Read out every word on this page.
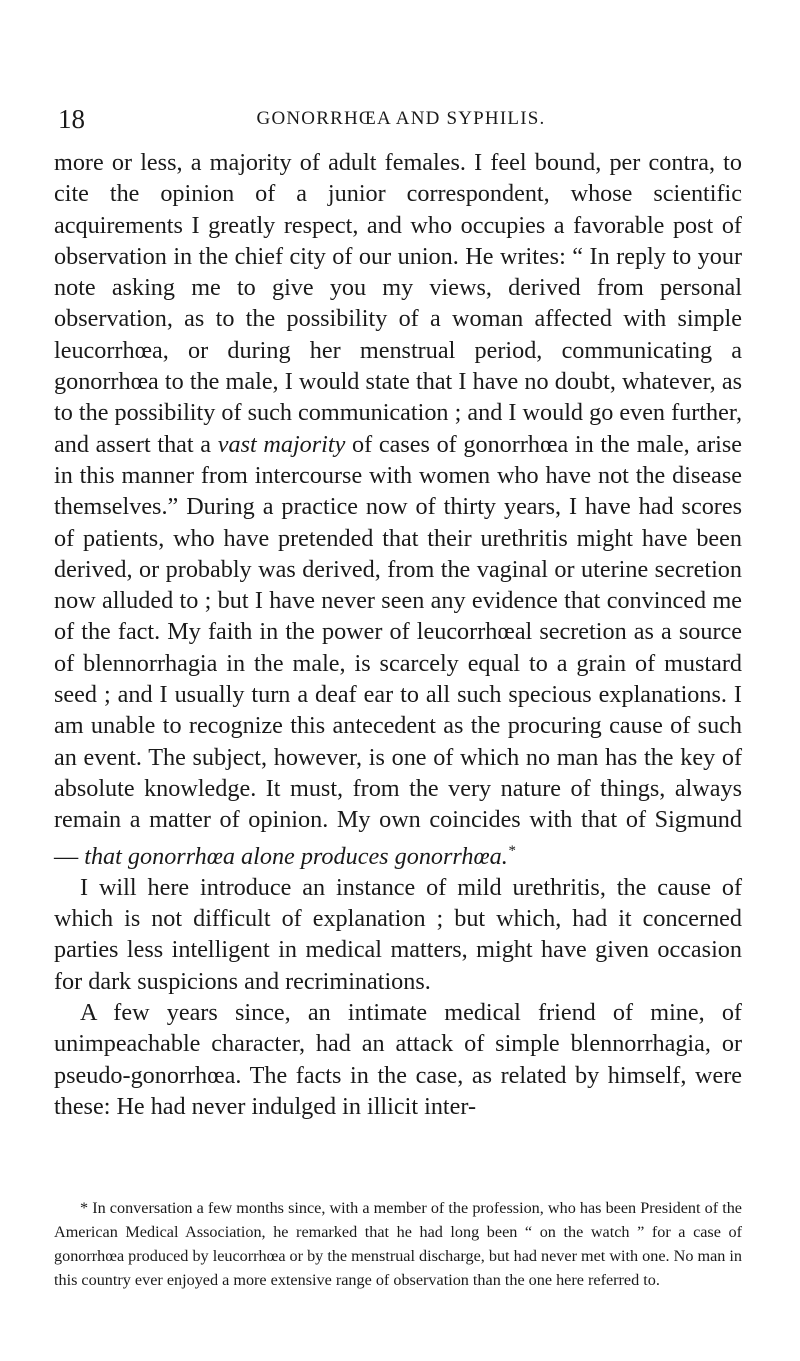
18	GONORRHŒA AND SYPHILIS.

more or less, a majority of adult females. I feel bound, per contra, to cite the opinion of a junior correspondent, whose scientific acquirements I greatly respect, and who occupies a favorable post of observation in the chief city of our union. He writes: “ In reply to your note asking me to give you my views, derived from personal observation, as to the possibility of a woman affected with simple leucorrhœa, or during her menstrual period, communicating a gonorrhœa to the male, I would state that I have no doubt, whatever, as to the possibility of such communication ; and I would go even further, and assert that a vast majority of cases of gonorrhœa in the male, arise in this manner from intercourse with women who have not the disease themselves.” During a practice now of thirty years, I have had scores of patients, who have pretended that their urethritis might have been derived, or probably was derived, from the vaginal or uterine secretion now alluded to ; but I have never seen any evidence that convinced me of the fact. My faith in the power of leucorrhœal secretion as a source of blennorrhagia in the male, is scarcely equal to a grain of mustard seed ; and I usually turn a deaf ear to all such specious explanations. I am unable to recognize this antecedent as the procuring cause of such an event. The subject, however, is one of which no man has the key of absolute knowledge. It must, from the very nature of things, always remain a matter of opinion. My own coincides with that of Sigmund — that gonorrhœa alone produces gonorrhœa.*

I will here introduce an instance of mild urethritis, the cause of which is not difficult of explanation ; but which, had it concerned parties less intelligent in medical matters, might have given occasion for dark suspicions and recriminations.

A few years since, an intimate medical friend of mine, of unimpeachable character, had an attack of simple blennorrhagia, or pseudo-gonorrhœa. The facts in the case, as related by himself, were these: He had never indulged in illicit inter-

* In conversation a few months since, with a member of the profession, who has been President of the American Medical Association, he remarked that he had long been “ on the watch ” for a case of gonorrhœa produced by leucorrhœa or by the menstrual discharge, but had never met with one. No man in this country ever enjoyed a more extensive range of observation than the one here referred to.
